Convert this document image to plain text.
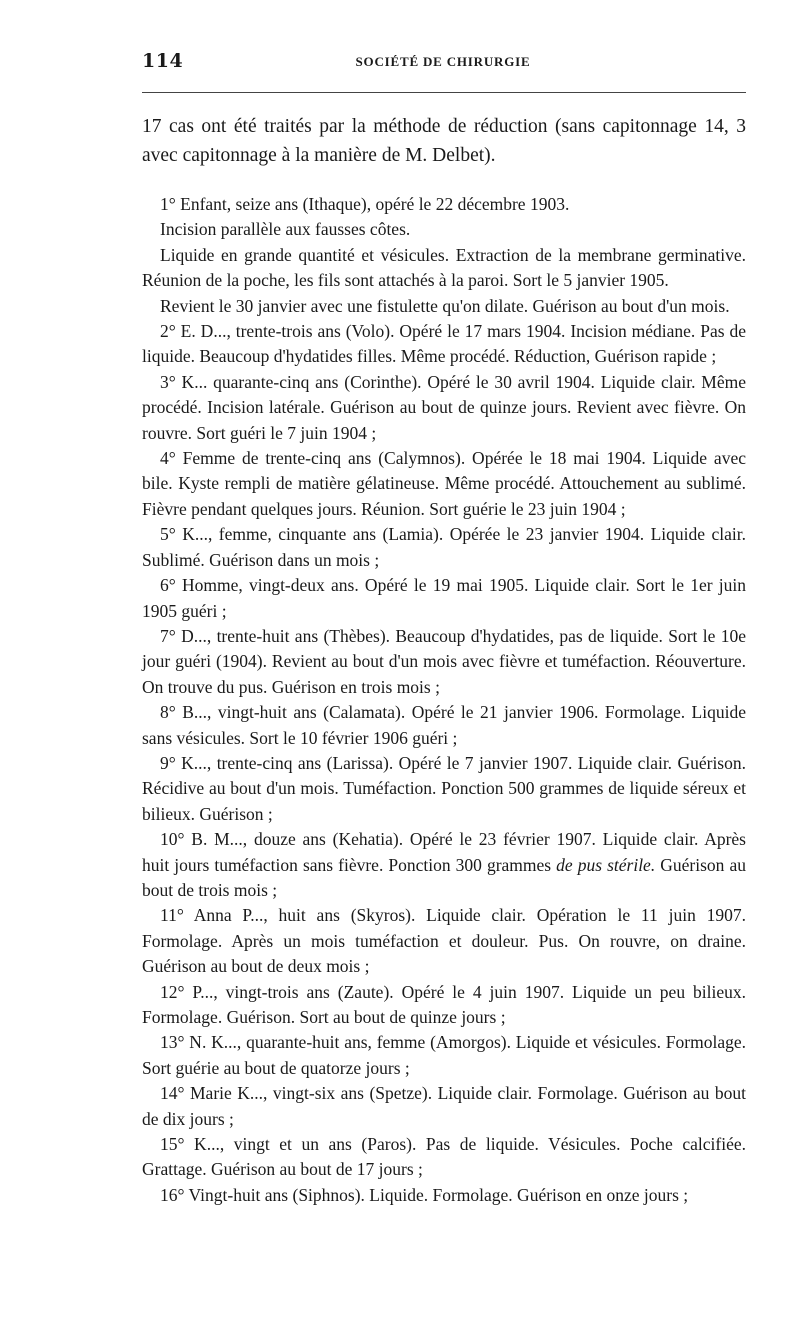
114	SOCIÉTÉ DE CHIRURGIE

17 cas ont été traités par la méthode de réduction (sans capitonnage 14, 3 avec capitonnage à la manière de M. Delbet).

1° Enfant, seize ans (Ithaque), opéré le 22 décembre 1903.

Incision parallèle aux fausses côtes.

Liquide en grande quantité et vésicules. Extraction de la membrane germinative. Réunion de la poche, les fils sont attachés à la paroi. Sort le 5 janvier 1905.

Revient le 30 janvier avec une fistulette qu'on dilate. Guérison au bout d'un mois.

2° E. D..., trente-trois ans (Volo). Opéré le 17 mars 1904. Incision médiane. Pas de liquide. Beaucoup d'hydatides filles. Même procédé. Réduction, Guérison rapide ;

3° K... quarante-cinq ans (Corinthe). Opéré le 30 avril 1904. Liquide clair. Même procédé. Incision latérale. Guérison au bout de quinze jours. Revient avec fièvre. On rouvre. Sort guéri le 7 juin 1904 ;

4° Femme de trente-cinq ans (Calymnos). Opérée le 18 mai 1904. Liquide avec bile. Kyste rempli de matière gélatineuse. Même procédé. Attouchement au sublimé. Fièvre pendant quelques jours. Réunion. Sort guérie le 23 juin 1904 ;

5° K..., femme, cinquante ans (Lamia). Opérée le 23 janvier 1904. Liquide clair. Sublimé. Guérison dans un mois ;

6° Homme, vingt-deux ans. Opéré le 19 mai 1905. Liquide clair. Sort le 1er juin 1905 guéri ;

7° D..., trente-huit ans (Thèbes). Beaucoup d'hydatides, pas de liquide. Sort le 10e jour guéri (1904). Revient au bout d'un mois avec fièvre et tuméfaction. Réouverture. On trouve du pus. Guérison en trois mois ;

8° B..., vingt-huit ans (Calamata). Opéré le 21 janvier 1906. Formolage. Liquide sans vésicules. Sort le 10 février 1906 guéri ;

9° K..., trente-cinq ans (Larissa). Opéré le 7 janvier 1907. Liquide clair. Guérison. Récidive au bout d'un mois. Tuméfaction. Ponction 500 grammes de liquide séreux et bilieux. Guérison ;

10° B. M..., douze ans (Kehatia). Opéré le 23 février 1907. Liquide clair. Après huit jours tuméfaction sans fièvre. Ponction 300 grammes de pus stérile. Guérison au bout de trois mois ;

11° Anna P..., huit ans (Skyros). Liquide clair. Opération le 11 juin 1907. Formolage. Après un mois tuméfaction et douleur. Pus. On rouvre, on draine. Guérison au bout de deux mois ;

12° P..., vingt-trois ans (Zaute). Opéré le 4 juin 1907. Liquide un peu bilieux. Formolage. Guérison. Sort au bout de quinze jours ;

13° N. K..., quarante-huit ans, femme (Amorgos). Liquide et vésicules. Formolage. Sort guérie au bout de quatorze jours ;

14° Marie K..., vingt-six ans (Spetze). Liquide clair. Formolage. Guérison au bout de dix jours ;

15° K..., vingt et un ans (Paros). Pas de liquide. Vésicules. Poche calcifiée. Grattage. Guérison au bout de 17 jours ;

16° Vingt-huit ans (Siphnos). Liquide. Formolage. Guérison en onze jours ;
